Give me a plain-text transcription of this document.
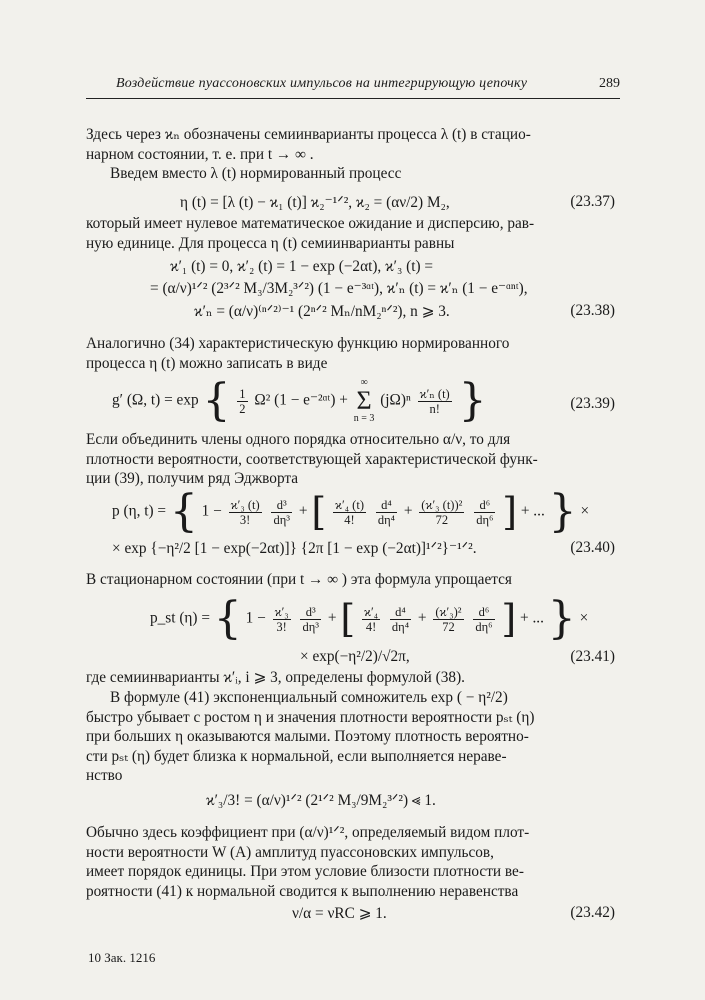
Воздействие пуассоновских импульсов на интегрирующую цепочку	289
Здесь через ϰₙ обозначены семиинварианты процесса λ (t) в стацио-
нарном состоянии, т. е. при t → ∞ .
Введем вместо λ (t) нормированный процесс
η (t) = [λ (t) − ϰ₁ (t)] ϰ₂⁻¹ᐟ², ϰ₂ = (αν/2) M₂,	(23.37)
который имеет нулевое математическое ожидание и дисперсию, рав-
ную единице. Для процесса η (t) семиинварианты равны
ϰ′₁ (t) = 0, ϰ′₂ (t) = 1 − exp (−2αt), ϰ′₃ (t) =
= (α/ν)¹ᐟ² (2³ᐟ² M₃/3M₂³ᐟ²) (1 − e⁻³ᵅᵗ), ϰ′ₙ (t) = ϰ′ₙ (1 − e⁻ᵅⁿᵗ),
ϰ′ₙ = (α/ν)⁽ⁿᐟ²⁾⁻¹ (2ⁿᐟ² Mₙ/nM₂ⁿᐟ²), n ⩾ 3.	(23.38)
Аналогично (34) характеристическую функцию нормированного
процесса η (t) можно записать в виде
g′ (Ω, t) = exp { $\frac{1}{2} \Omega^2$ (1 − e⁻²ᵅᵗ) + ∞
Σ
n = 3 $(j\Omega)^n \frac{\text{ϰ′ₙ (t)}}{n!}$ }	(23.39)
Если объединить члены одного порядка относительно α/ν, то для
плотности вероятности, соответствующей характеристической функ-
ции (39), получим ряд Эджворта
p (η, t) = { $1 - \frac{\text{ϰ′₃ (t)}}{3!}$
$\frac{\text{d³}}{\text{dη³}}$ + [ $\frac{\text{ϰ′₄ (t)}}{4!}$
$\frac{\text{d⁴}}{\text{dη⁴}} + \frac{\text{(ϰ′₃ (t))²}}{72}$
$\frac{\text{d⁶}}{\text{dη⁶}}$ ] + ... } ×
× exp {−η²/2 [1 − exp(−2αt)]} {2π [1 − exp (−2αt)]¹ᐟ²}⁻¹ᐟ².	(23.40)
В стационарном состоянии (при t → ∞ ) эта формула упрощается
p_st (η) = { $1 - \frac{\text{ϰ′₃}}{3!}$
$\frac{\text{d³}}{\text{dη³}}$ + [ $\frac{\text{ϰ′₄}}{4!}$
$\frac{\text{d⁴}}{\text{dη⁴}} + \frac{\text{(ϰ′₃)²}}{72}$
$\frac{\text{d⁶}}{\text{dη⁶}}$ ] + ... } ×
× exp(−η²/2)/√2π,	(23.41)
где семиинварианты ϰ′ᵢ, i ⩾ 3, определены формулой (38).
В формуле (41) экспоненциальный сомножитель exp ( − η²/2)
быстро убывает с ростом η и значения плотности вероятности pₛₜ (η)
при больших η оказываются малыми. Поэтому плотность вероятно-
сти pₛₜ (η) будет близка к нормальной, если выполняется нераве-
нство
ϰ′₃/3! = (α/ν)¹ᐟ² (2¹ᐟ² M₃/9M₂³ᐟ²) ⪡ 1.
Обычно здесь коэффициент при (α/ν)¹ᐟ², определяемый видом плот-
ности вероятности W (A) амплитуд пуассоновских импульсов,
имеет порядок единицы. При этом условие близости плотности ве-
роятности (41) к нормальной сводится к выполнению неравенства
ν/α = νRC ⩾ 1.	(23.42)
10 Зак. 1216
